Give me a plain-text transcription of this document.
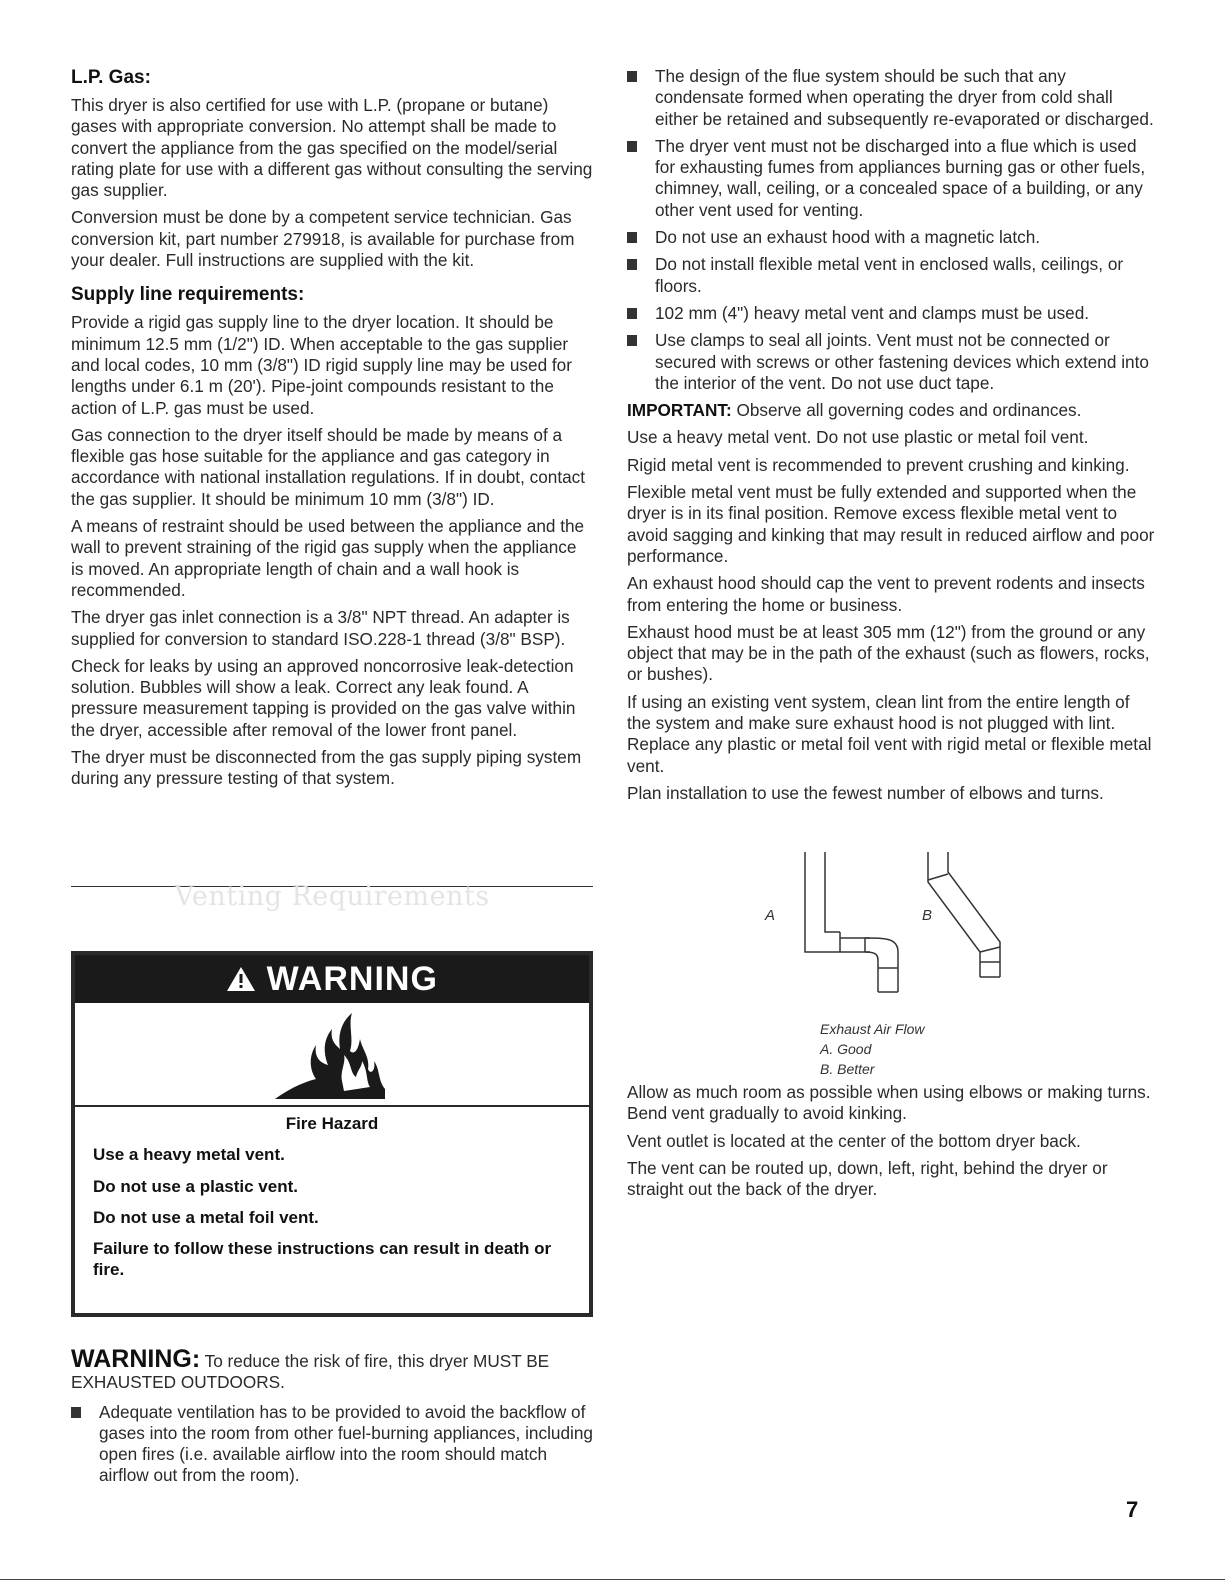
L.P. Gas:

This dryer is also certified for use with L.P. (propane or butane) gases with appropriate conversion. No attempt shall be made to convert the appliance from the gas specified on the model/serial rating plate for use with a different gas without consulting the serving gas supplier.

Conversion must be done by a competent service technician. Gas conversion kit, part number 279918, is available for purchase from your dealer. Full instructions are supplied with the kit.

Supply line requirements:

Provide a rigid gas supply line to the dryer location. It should be minimum 12.5 mm (1/2") ID. When acceptable to the gas supplier and local codes, 10 mm (3/8") ID rigid supply line may be used for lengths under 6.1 m (20'). Pipe-joint compounds resistant to the action of L.P. gas must be used.

Gas connection to the dryer itself should be made by means of a flexible gas hose suitable for the appliance and gas category in accordance with national installation regulations. If in doubt, contact the gas supplier. It should be minimum 10 mm (3/8") ID.

A means of restraint should be used between the appliance and the wall to prevent straining of the rigid gas supply when the appliance is moved. An appropriate length of chain and a wall hook is recommended.

The dryer gas inlet connection is a 3/8" NPT thread. An adapter is supplied for conversion to standard ISO.228-1 thread (3/8" BSP).

Check for leaks by using an approved noncorrosive leak-detection solution. Bubbles will show a leak. Correct any leak found. A pressure measurement tapping is provided on the gas valve within the dryer, accessible after removal of the lower front panel.

The dryer must be disconnected from the gas supply piping system during any pressure testing of that system.

Venting Requirements
WARNING

Fire Hazard

Use a heavy metal vent.

Do not use a plastic vent.

Do not use a metal foil vent.

Failure to follow these instructions can result in death or fire.

WARNING: To reduce the risk of fire, this dryer MUST BE EXHAUSTED OUTDOORS.

Adequate ventilation has to be provided to avoid the backflow of gases into the room from other fuel-burning appliances, including open fires (i.e. available airflow into the room should match airflow out from the room).
The design of the flue system should be such that any condensate formed when operating the dryer from cold shall either be retained and subsequently re-evaporated or discharged.
The dryer vent must not be discharged into a flue which is used for exhausting fumes from appliances burning gas or other fuels, chimney, wall, ceiling, or a concealed space of a building, or any other vent used for venting.
Do not use an exhaust hood with a magnetic latch.
Do not install flexible metal vent in enclosed walls, ceilings, or floors.
102 mm (4") heavy metal vent and clamps must be used.
Use clamps to seal all joints. Vent must not be connected or secured with screws or other fastening devices which extend into the interior of the vent. Do not use duct tape.

IMPORTANT: Observe all governing codes and ordinances.

Use a heavy metal vent. Do not use plastic or metal foil vent.

Rigid metal vent is recommended to prevent crushing and kinking.

Flexible metal vent must be fully extended and supported when the dryer is in its final position. Remove excess flexible metal vent to avoid sagging and kinking that may result in reduced airflow and poor performance.

An exhaust hood should cap the vent to prevent rodents and insects from entering the home or business.

Exhaust hood must be at least 305 mm (12") from the ground or any object that may be in the path of the exhaust (such as flowers, rocks, or bushes).

If using an existing vent system, clean lint from the entire length of the system and make sure exhaust hood is not plugged with lint. Replace any plastic or metal foil vent with rigid metal or flexible metal vent.

Plan installation to use the fewest number of elbows and turns.

A	B
Exhaust Air Flow
A. Good
B. Better

Allow as much room as possible when using elbows or making turns. Bend vent gradually to avoid kinking.

Vent outlet is located at the center of the bottom dryer back.

The vent can be routed up, down, left, right, behind the dryer or straight out the back of the dryer.

7
